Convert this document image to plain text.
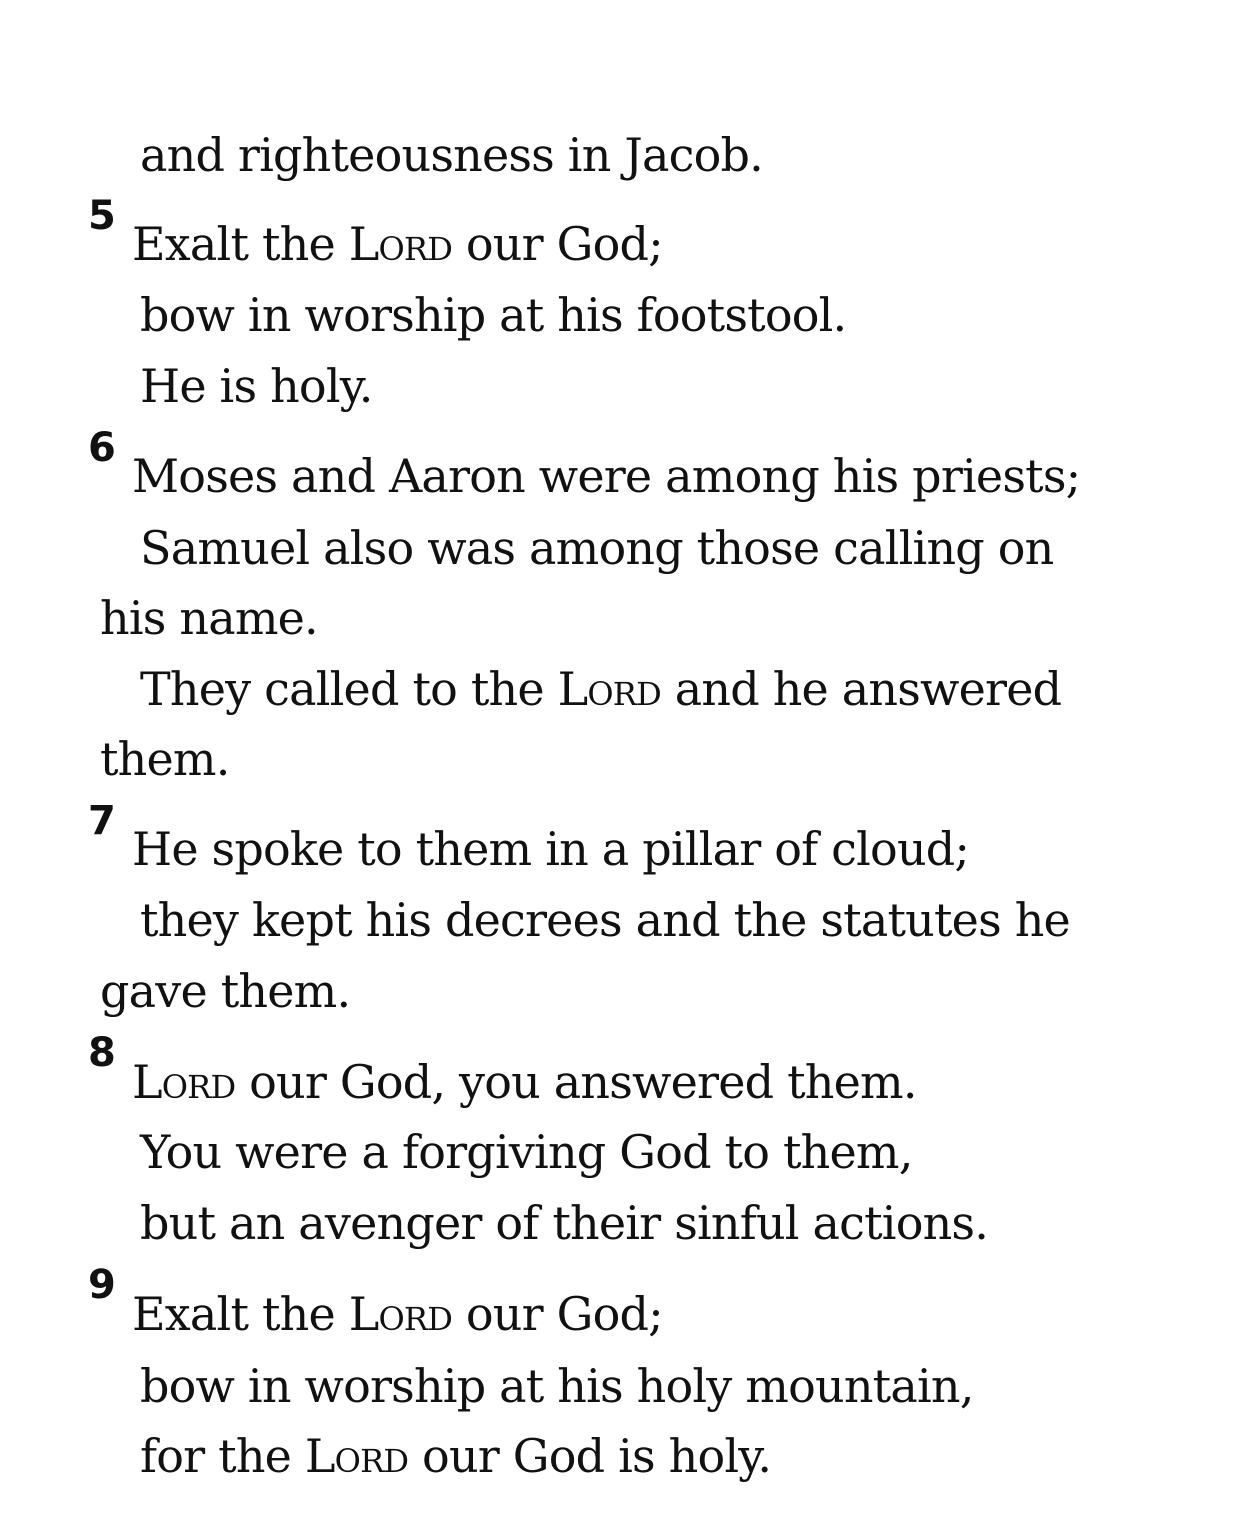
and righteousness in Jacob.
5
Exalt the Lord our God;
bow in worship at his footstool.
He is holy.
6
Moses and Aaron were among his priests;
Samuel also was among those calling on
his name.
They called to the Lord and he answered
them.
7
He spoke to them in a pillar of cloud;
they kept his decrees and the statutes he
gave them.
8
Lord our God, you answered them.
You were a forgiving God to them,
but an avenger of their sinful actions.
9
Exalt the Lord our God;
bow in worship at his holy mountain,
for the Lord our God is holy.
